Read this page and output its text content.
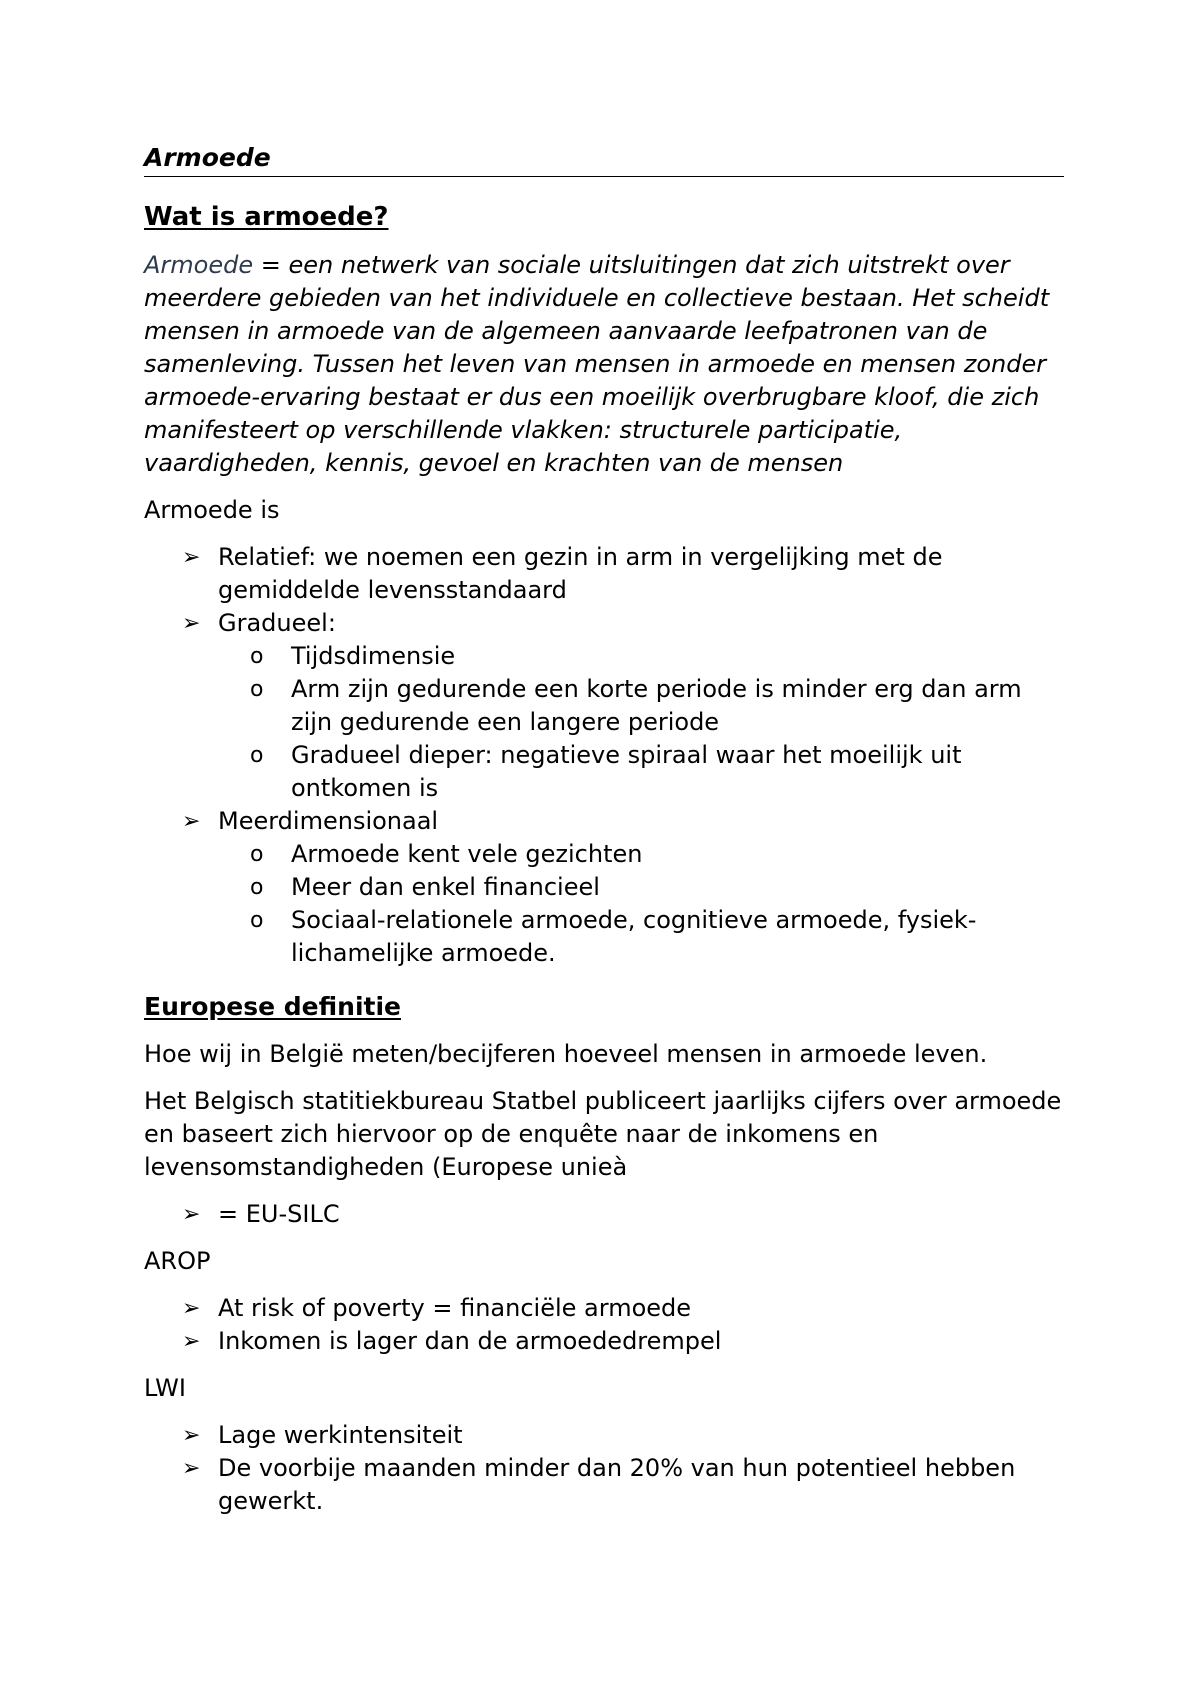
Armoede
Wat is armoede?

Armoede = een netwerk van sociale uitsluitingen dat zich uitstrekt over meerdere gebieden van het individuele en collectieve bestaan. Het scheidt mensen in armoede van de algemeen aanvaarde leefpatronen van de samenleving. Tussen het leven van mensen in armoede en mensen zonder armoede-ervaring bestaat er dus een moeilijk overbrugbare kloof, die zich manifesteert op verschillende vlakken: structurele participatie, vaardigheden, kennis, gevoel en krachten van de mensen

Armoede is

➢ Relatief: we noemen een gezin in arm in vergelijking met de gemiddelde levensstandaard
➢ Gradueel:
o Tijdsdimensie
o Arm zijn gedurende een korte periode is minder erg dan arm zijn gedurende een langere periode
o Gradueel dieper: negatieve spiraal waar het moeilijk uit ontkomen is
➢ Meerdimensionaal
o Armoede kent vele gezichten
o Meer dan enkel financieel
o Sociaal-relationele armoede, cognitieve armoede, fysiek-lichamelijke armoede.
Europese definitie

Hoe wij in België meten/becijferen hoeveel mensen in armoede leven.

Het Belgisch statitiekbureau Statbel publiceert jaarlijks cijfers over armoede en baseert zich hiervoor op de enquête naar de inkomens en levensomstandigheden (Europese unieà

➢ = EU-SILC

AROP

➢ At risk of poverty = financiële armoede
➢ Inkomen is lager dan de armoededrempel

LWI

➢ Lage werkintensiteit
➢ De voorbije maanden minder dan 20% van hun potentieel hebben gewerkt.
